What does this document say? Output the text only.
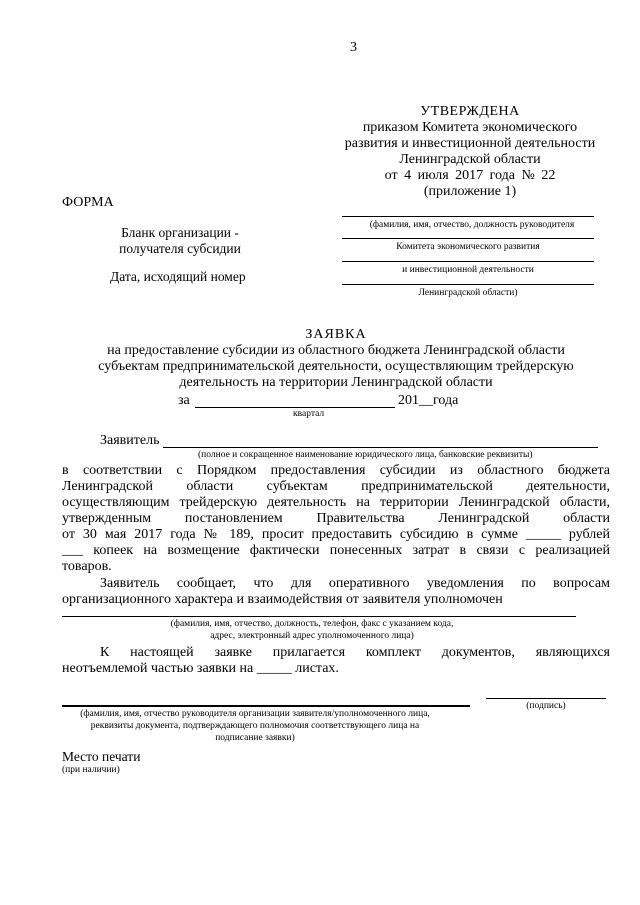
3
УТВЕРЖДЕНА
приказом Комитета экономического
развития и инвестиционной деятельности
Ленинградской области
от 4 июля 2017 года № 22
(приложение 1)
ФОРМА
Бланк организации -
получателя субсидии
Дата, исходящий номер
(фамилия, имя, отчество, должность руководителя
Комитета экономического развития
и инвестиционной деятельности
Ленинградской области)
ЗАЯВКА
на предоставление субсидии из областного бюджета Ленинградской области
субъектам предпринимательской деятельности, осуществляющим трейдерскую
деятельность на территории Ленинградской области
за	201__года
квартал
Заявитель
(полное и сокращенное наименование юридического лица, банковские реквизиты)
в соответствии с Порядком предоставления субсидии из областного бюджета
Ленинградской области субъектам предпринимательской деятельности,
осуществляющим трейдерскую деятельность на территории Ленинградской области,
утвержденным постановлением Правительства Ленинградской области
от 30 мая 2017 года № 189, просит предоставить субсидию в сумме _____ рублей
___ копеек на возмещение фактически понесенных затрат в связи с реализацией
товаров.
Заявитель сообщает, что для оперативного уведомления по вопросам
организационного характера и взаимодействия от заявителя уполномочен
(фамилия, имя, отчество, должность, телефон, факс с указанием кода,
адрес, электронный адрес уполномоченного лица)
К настоящей заявке прилагается комплект документов, являющихся
неотъемлемой частью заявки на _____ листах.
(фамилия, имя, отчество руководителя организации заявителя/уполномоченного лица,
реквизиты документа, подтверждающего полномочия соответствующего лица на
подписание заявки)
(подпись)
Место печати
(при наличии)
